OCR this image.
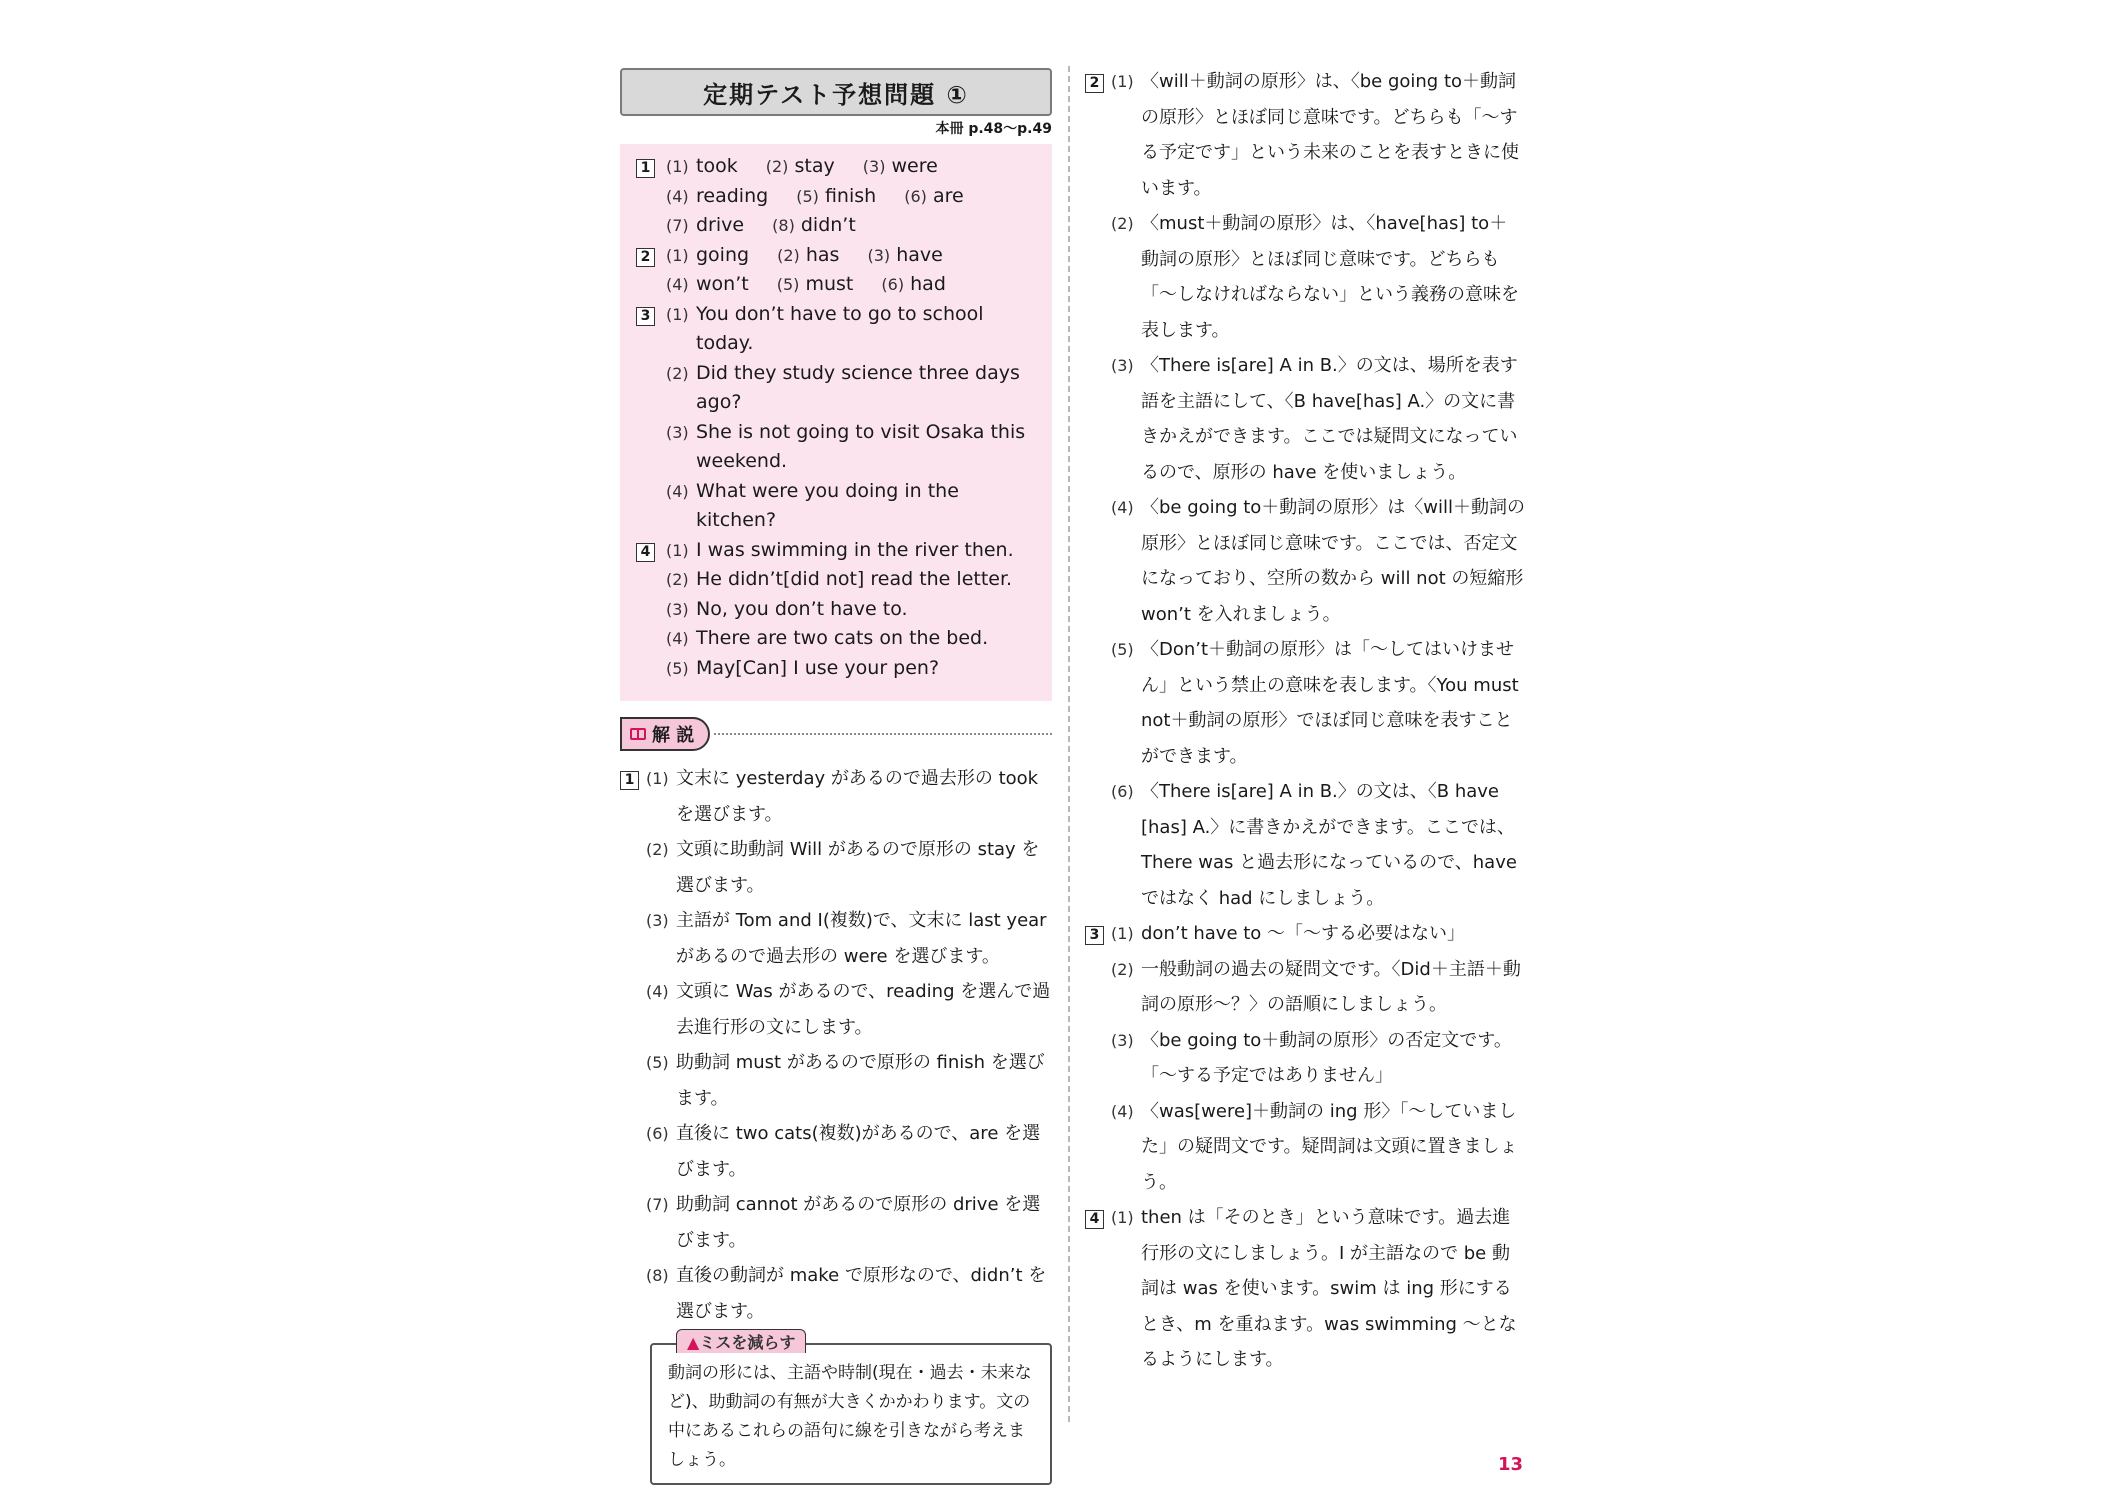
定期テスト予想問題 ①
本冊 p.48～p.49
1 (1) took (2) stay (3) were
(4) reading (5) finish (6) are
(7) drive (8) didn’t
2 (1) going (2) has (3) have
(4) won’t (5) must (6) had
3 (1) You don’t have to go to school today.
(2) Did they study science three days ago?
(3) She is not going to visit Osaka this weekend.
(4) What were you doing in the kitchen?
4 (1) I was swimming in the river then.
(2) He didn’t[did not] read the letter.
(3) No, you don’t have to.
(4) There are two cats on the bed.
(5) May[Can] I use your pen?
解 説
1 (1) 文末に yesterday があるので過去形の took を選びます。
(2) 文頭に助動詞 Will があるので原形の stay を選びます。
(3) 主語が Tom and I(複数)で、文末に last year があるので過去形の were を選びます。
(4) 文頭に Was があるので、reading を選んで過去進行形の文にします。
(5) 助動詞 must があるので原形の finish を選びます。
(6) 直後に two cats(複数)があるので、are を選びます。
(7) 助動詞 cannot があるので原形の drive を選びます。
(8) 直後の動詞が make で原形なので、didn’t を選びます。
▲ミスを減らす
動詞の形には、主語や時制(現在・過去・未来など)、助動詞の有無が大きくかかわります。文の中にあるこれらの語句に線を引きながら考えましょう。
2 (1) 〈will＋動詞の原形〉は、〈be going to＋動詞の原形〉とほぼ同じ意味です。どちらも「～する予定です」という未来のことを表すときに使います。
(2) 〈must＋動詞の原形〉は、〈have[has] to＋動詞の原形〉とほぼ同じ意味です。どちらも「～しなければならない」という義務の意味を表します。
(3) 〈There is[are] A in B.〉の文は、場所を表す語を主語にして、〈B have[has] A.〉の文に書きかえができます。ここでは疑問文になっているので、原形の have を使いましょう。
(4) 〈be going to＋動詞の原形〉は〈will＋動詞の原形〉とほぼ同じ意味です。ここでは、否定文になっており、空所の数から will not の短縮形 won’t を入れましょう。
(5) 〈Don’t＋動詞の原形〉は「～してはいけません」という禁止の意味を表します。〈You must not＋動詞の原形〉でほぼ同じ意味を表すことができます。
(6) 〈There is[are] A in B.〉の文は、〈B have [has] A.〉に書きかえができます。ここでは、There was と過去形になっているので、have ではなく had にしましょう。
3 (1) don’t have to ～「～する必要はない」
(2) 一般動詞の過去の疑問文です。〈Did＋主語＋動詞の原形～？〉の語順にしましょう。
(3) 〈be going to＋動詞の原形〉の否定文です。「～する予定ではありません」
(4) 〈was[were]＋動詞の ing 形〉「～していました」の疑問文です。疑問詞は文頭に置きましょう。
4 (1) then は「そのとき」という意味です。過去進行形の文にしましょう。I が主語なので be 動詞は was を使います。swim は ing 形にするとき、m を重ねます。was swimming ～となるようにします。
13
